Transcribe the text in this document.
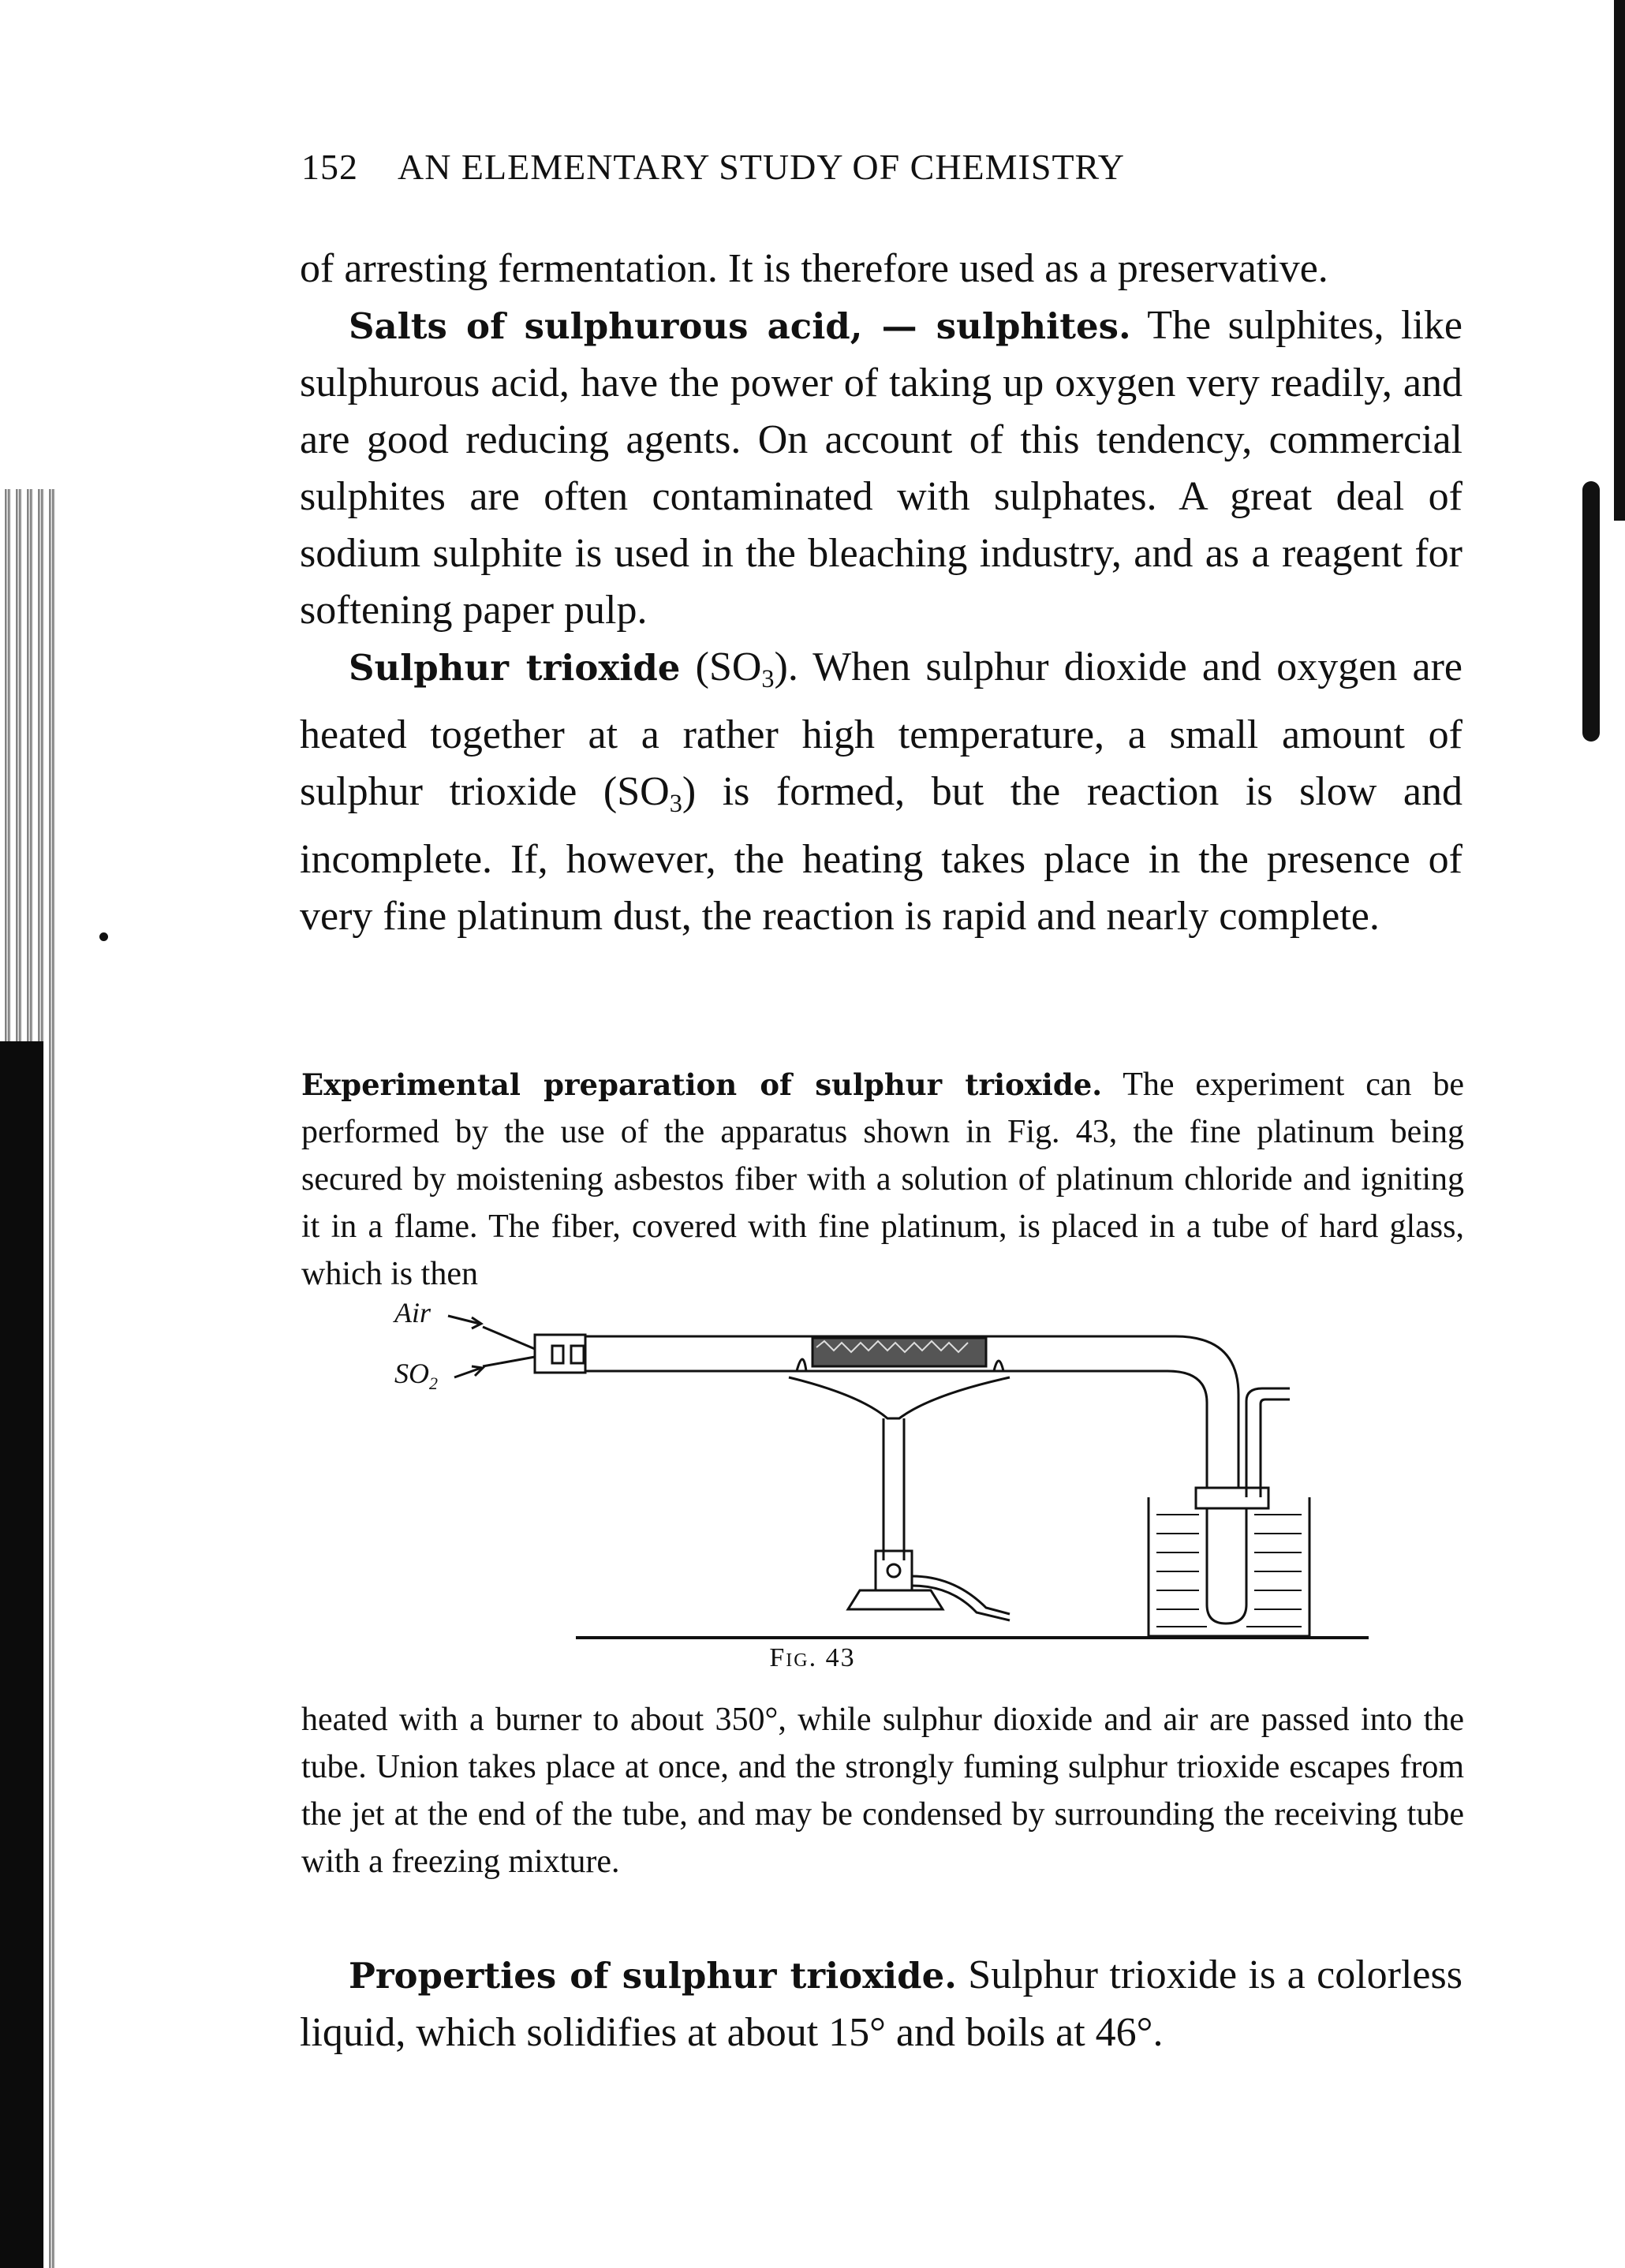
152 AN ELEMENTARY STUDY OF CHEMISTRY

of arresting fermentation. It is therefore used as a preservative.

Salts of sulphurous acid, — sulphites. The sulphites, like sulphurous acid, have the power of taking up oxygen very readily, and are good reducing agents. On account of this tendency, commercial sulphites are often contaminated with sulphates. A great deal of sodium sulphite is used in the bleaching industry, and as a reagent for softening paper pulp.

Sulphur trioxide $(SO_3)$. When sulphur dioxide and oxygen are heated together at a rather high temperature, a small amount of sulphur trioxide $(SO_3)$ is formed, but the reaction is slow and incomplete. If, however, the heating takes place in the presence of very fine platinum dust, the reaction is rapid and nearly complete.

Experimental preparation of sulphur trioxide. The experiment can be performed by the use of the apparatus shown in Fig. 43, the fine platinum being secured by moistening asbestos fiber with a solution of platinum chloride and igniting it in a flame. The fiber, covered with fine platinum, is placed in a tube of hard glass, which is then

Air
$SO_2$
Fig. 43

heated with a burner to about 350°, while sulphur dioxide and air are passed into the tube. Union takes place at once, and the strongly fuming sulphur trioxide escapes from the jet at the end of the tube, and may be condensed by surrounding the receiving tube with a freezing mixture.

Properties of sulphur trioxide. Sulphur trioxide is a colorless liquid, which solidifies at about 15° and boils at 46°.
